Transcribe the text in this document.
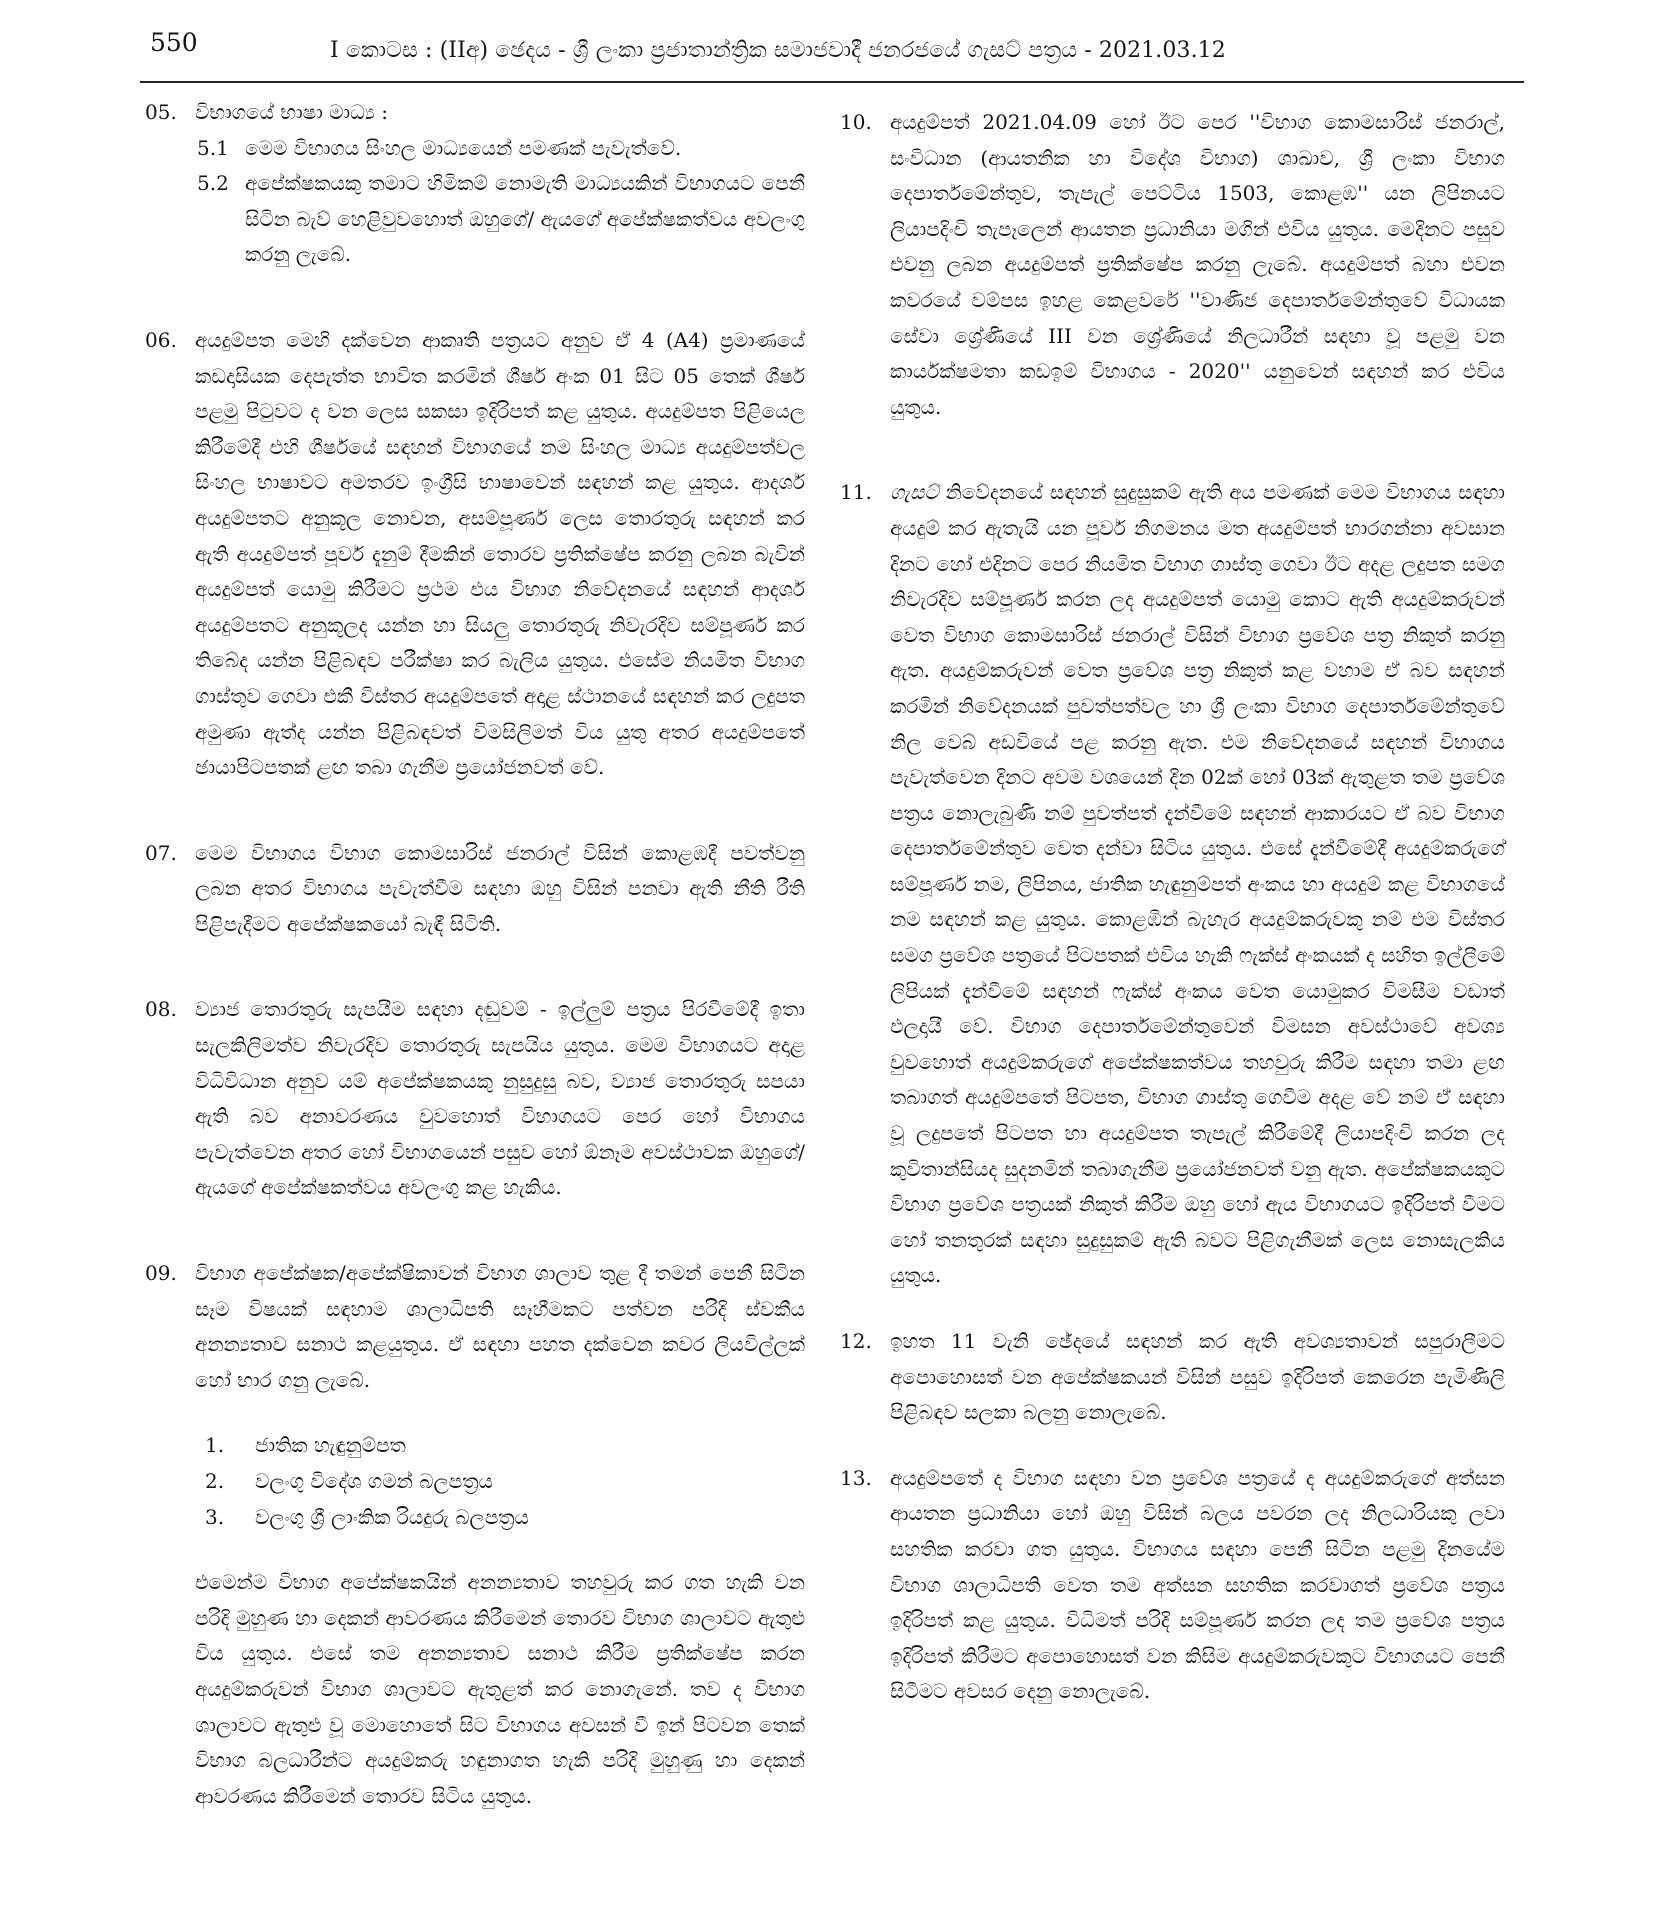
550	I කොටස : (IIඅ) ඡෙදය - ශ්‍රී ලංකා ප්‍රජාතාන්ත්‍රික සමාජවාදී ජනරජයේ ගැසට් පත්‍රය - 2021.03.12
05. විභාගයේ භාෂා මාධ්‍ය :
5.1 මෙම විභාගය සිංහල මාධ්‍යයෙන් පමණක් පැවැත්වේ.
5.2 අපේක්ෂකයකු තමාට හිමිකම් නොමැති මාධ්‍යයකින් විභාගයට පෙනී සිටින බැව් හෙළිවුවහොත් ඔහුගේ/ ඇයගේ අපේක්ෂකත්වය අවලංගු කරනු ලැබේ.
06. අයදුම්පත මෙහි දක්වෙන ආකෘති පත්‍රයට අනුව ඒ 4 (A4) ප්‍රමාණයේ කඩදාසියක දෙපැත්ත භාවිත කරමින් ශීර්ෂ අංක 01 සිට 05 තෙක් ශීර්ෂ පළමු පිටුවට ද වන ලෙස සකසා ඉදිරිපත් කළ යුතුය. අයදුම්පත පිළියෙල කිරීමේදී එහි ශීර්ෂයේ සඳහන් විභාගයේ නම සිංහල මාධ්‍ය අයදුම්පත්වල සිංහල භාෂාවට අමතරව ඉංග්‍රීසි භාෂාවෙන් සඳහන් කළ යුතුය. ආදර්ශ අයදුම්පතට අනුකූල නොවන, අසම්පූර්ණ ලෙස තොරතුරු සඳහන් කර ඇති අයදුම්පත් පූර්ව දැනුම් දීමකින් තොරව ප්‍රතික්ෂේප කරනු ලබන බැවින් අයදුම්පත් යොමු කිරීමට ප්‍රථම එය විභාග නිවේදනයේ සඳහන් ආදර්ශ අයදුම්පතට අනුකූලද යන්න හා සියලු තොරතුරු නිවැරදිව සම්පූර්ණ කර තිබේද යන්න පිළිබඳව පරීක්ෂා කර බැලිය යුතුය. එසේම නියමිත විභාග ගාස්තුව ගෙවා එකී විස්තර අයදුම්පතේ අදාළ ස්ථානයේ සඳහන් කර ලදුපත අමුණා ඇත්ද යන්න පිළිබඳවත් විමසිලිමත් විය යුතු අතර අයදුම්පතේ ඡායාපිටපතක් ළඟ තබා ගැනීම ප්‍රයෝජනවත් වේ.
07. මෙම විභාගය විභාග කොමසාරිස් ජනරාල් විසින් කොළඹදී පවත්වනු ලබන අතර විභාගය පැවැත්වීම සඳහා ඔහු විසින් පනවා ඇති නීති රීති පිළිපැදීමට අපේක්ෂකයෝ බැඳී සිටිති.
08. ව්‍යාජ තොරතුරු සැපයීම සඳහා දඬුවම් - ඉල්ලුම් පත්‍රය පිරවීමේදී ඉතා සැලකිලිමත්ව නිවැරදිව තොරතුරු සැපයිය යුතුය. මෙම විභාගයට අදාළ විධිවිධාන අනුව යම් අපේක්ෂකයකු නුසුදුසු බව, ව්‍යාජ තොරතුරු සපයා ඇති බව අනාවරණය වුවහොත් විභාගයට පෙර හෝ විභාගය පැවැත්වෙන අතර හෝ විභාගයෙන් පසුව හෝ ඕනෑම අවස්ථාවක ඔහුගේ/ඇයගේ අපේක්ෂකත්වය අවලංගු කළ හැකිය.
09. විභාග අපේක්ෂක/අපේක්ෂිකාවන් විභාග ශාලාව තුළ දී තමන් පෙනී සිටින සෑම විෂයක් සඳහාම ශාලාධිපති සෑහීමකට පත්වන පරිදි ස්වකීය අනන්‍යතාව සනාථ කළයුතුය. ඒ සඳහා පහත දක්වෙන කවර ලියවිල්ලක් හෝ භාර ගනු ලැබේ.
1. ජාතික හැඳුනුම්පත
2. වලංගු විදේශ ගමන් බලපත්‍රය
3. වලංගු ශ්‍රී ලාංකික රියදුරු බලපත්‍රය
එමෙන්ම විභාග අපේක්ෂකයින් අනන්‍යතාව තහවුරු කර ගත හැකි වන පරිදි මුහුණ හා දෙකන් ආවරණය කිරීමෙන් තොරව විභාග ශාලාවට ඇතුළු විය යුතුය. එසේ තම අනන්‍යතාව සනාථ කිරීම ප්‍රතික්ෂේප කරන අයදුම්කරුවන් විභාග ශාලාවට ඇතුළත් කර නොගැනේ. තව ද විභාග ශාලාවට ඇතුළු වූ මොහොතේ සිට විභාගය අවසන් වී ඉන් පිටවන තෙක් විභාග බලධාරීන්ට අයදුම්කරු හඳුනාගත හැකි පරිදි මුහුණු හා දෙකන් ආවරණය කිරීමෙන් තොරව සිටිය යුතුය.
10. අයදුම්පත් 2021.04.09 හෝ ඊට පෙර ''විභාග කොමසාරිස් ජනරාල්, සංවිධාන (ආයතනික හා විදේශ විභාග) ශාඛාව, ශ්‍රී ලංකා විභාග දෙපාර්තමේන්තුව, තැපැල් පෙට්ටිය 1503, කොළඹ'' යන ලිපිනයට ලියාපදිංචි තැපෑලෙන් ආයතන ප්‍රධානියා මගින් එවිය යුතුය. මෙදිනට පසුව එවනු ලබන අයදුම්පත් ප්‍රතික්ෂේප කරනු ලැබේ. අයදුම්පත් බහා එවන කවරයේ වම්පස ඉහළ කෙළවරේ ''වාණිජ දෙපාර්තමේන්තුවේ විධායක සේවා ශ්‍රේණියේ III වන ශ්‍රේණියේ නිලධාරීන් සඳහා වූ පළමු වන කාර්යක්ෂමතා කඩඉම් විභාගය - 2020'' යනුවෙන් සඳහන් කර එවිය යුතුය.
11. ගැසට් නිවේදනයේ සඳහන් සුදුසුකම් ඇති අය පමණක් මෙම විභාගය සඳහා අයදුම් කර ඇතැයි යන පූර්ව නිගමනය මත අයදුම්පත් භාරගන්නා අවසාන දිනට හෝ එදිනට පෙර නියමිත විභාග ගාස්තු ගෙවා ඊට අදළ ලදුපත සමග නිවැරදිව සම්පූර්ණ කරන ලද අයදුම්පත් යොමු කොට ඇති අයදුම්කරුවන් වෙත විභාග කොමසාරිස් ජනරාල් විසින් විභාග ප්‍රවේශ පත්‍ර නිකුත් කරනු ඇත. අයදුම්කරුවන් වෙත ප්‍රවේශ පත්‍ර නිකුත් කළ වහාම ඒ බව සඳහන් කරමින් නිවේදනයක් පුවත්පත්වල හා ශ්‍රී ලංකා විභාග දෙපාර්තමේන්තුවේ නිල වෙබ් අඩවියේ පළ කරනු ඇත. එම නිවේදනයේ සඳහන් විභාගය පැවැත්වෙන දිනට අවම වශයෙන් දින 02ක් හෝ 03ක් ඇතුළත තම ප්‍රවේශ පත්‍රය නොලැබුණි නම් පුවත්පත් දැන්වීමේ සඳහන් ආකාරයට ඒ බව විභාග දෙපාර්තමේන්තුව වෙත දන්වා සිටිය යුතුය. එසේ දැන්වීමේදී අයදුම්කරුගේ සම්පූර්ණ නම, ලිපිනය, ජාතික හැඳුනුම්පත් අංකය හා අයදුම් කළ විභාගයේ නම සඳහන් කළ යුතුය. කොළඹින් බැහැර අයදුම්කරුවකු නම් එම විස්තර සමග ප්‍රවේශ පත්‍රයේ පිටපතක් එවිය හැකි ෆැක්ස් අංකයක් ද සහිත ඉල්ලීමේ ලිපියක් දැන්වීමේ සඳහන් ෆැක්ස් අංකය වෙත යොමුකර විමසීම වඩාත් ඵලදායී වේ. විභාග දෙපාර්තමේන්තුවෙන් විමසන අවස්ථාවේ අවශ්‍ය වුවහොත් අයදුම්කරුගේ අපේක්ෂකත්වය තහවුරු කිරීම සඳහා තමා ළඟ තබාගත් අයදුම්පතේ පිටපත, විභාග ගාස්තු ගෙවීම අදළ වේ නම් ඒ සඳහා වූ ලදුපතේ පිටපත හා අයදුම්පත තැපැල් කිරීමේදී ලියාපදිංචි කරන ලද කුවිතාන්සියද සුදනමින් තබාගැනීම ප්‍රයෝජනවත් වනු ඇත. අපේක්ෂකයකුට විභාග ප්‍රවේශ පත්‍රයක් නිකුත් කිරීම ඔහු හෝ ඇය විභාගයට ඉදිරිපත් වීමට හෝ තනතුරක් සඳහා සුදුසුකම් ඇති බවට පිළිගැනීමක් ලෙස නොසැලකිය යුතුය.
12. ඉහත 11 වැනි ඡේදයේ සඳහන් කර ඇති අවශ්‍යතාවන් සපුරාලීමට අපොහොසත් වන අපේක්ෂකයන් විසින් පසුව ඉදිරිපත් කෙරෙන පැමිණිලි පිළිබඳව සලකා බලනු නොලැබේ.
13. අයදුම්පතේ ද විභාග සඳහා වන ප්‍රවේශ පත්‍රයේ ද අයදුම්කරුගේ අත්සන ආයතන ප්‍රධානියා හෝ ඔහු විසින් බලය පවරන ලද නිලධාරියකු ලවා සහතික කරවා ගත යුතුය. විභාගය සඳහා පෙනී සිටින පළමු දිනයේම විභාග ශාලාධිපති වෙත තම අත්සන සහතික කරවාගත් ප්‍රවේශ පත්‍රය ඉදිරිපත් කළ යුතුය. විධිමත් පරිදි සම්පූර්ණ කරන ලද තම ප්‍රවේශ පත්‍රය ඉදිරිපත් කිරීමට අපොහොසත් වන කිසිම අයදුම්කරුවකුට විභාගයට පෙනී සිටීමට අවසර දෙනු නොලැබේ.
